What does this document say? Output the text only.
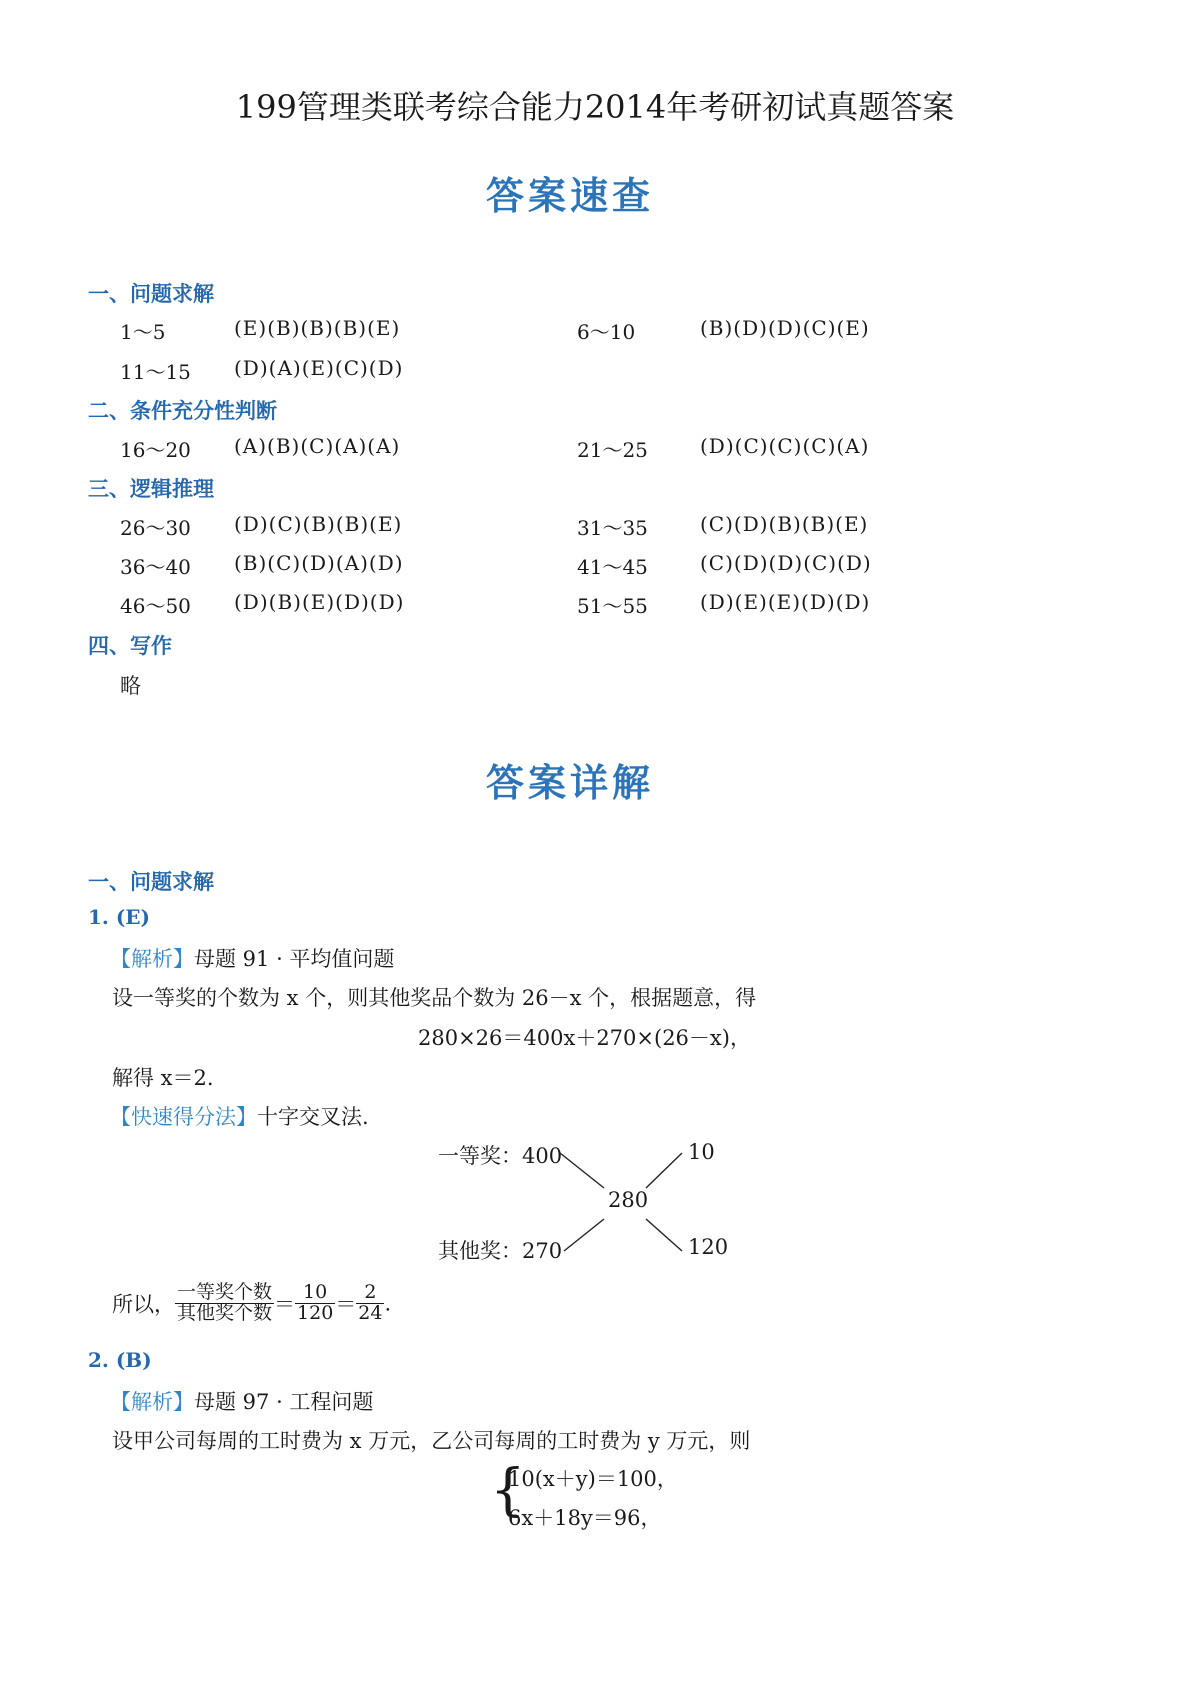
199管理类联考综合能力2014年考研初试真题答案
答案速查
一、问题求解
1～5	(E)(B)(B)(B)(E)	6～10	(B)(D)(D)(C)(E)
11～15 (D)(A)(E)(C)(D)
二、条件充分性判断
16～20 (A)(B)(C)(A)(A)	21～25	(D)(C)(C)(C)(A)
三、逻辑推理
26～30 (D)(C)(B)(B)(E)	31～35	(C)(D)(B)(B)(E)
36～40 (B)(C)(D)(A)(D)	41～45	(C)(D)(D)(C)(D)
46～50 (D)(B)(E)(D)(D)	51～55	(D)(E)(E)(D)(D)
四、写作
略
答案详解
一、问题求解
1. (E)
【解析】母题 91 · 平均值问题
设一等奖的个数为 x 个，则其他奖品个数为 26－x 个，根据题意，得
280×26＝400x＋270×(26－x)，
解得 x＝2.
【快速得分法】十字交叉法.
一等奖：400	10
280
其他奖：270	120
所以， $\frac{\text{一等奖个数}}{\text{其他奖个数}} = \frac{10}{120} = \frac{2}{24}$ .
2. (B)
【解析】母题 97 · 工程问题
设甲公司每周的工时费为 x 万元，乙公司每周的工时费为 y 万元，则
{
10(x＋y)＝100，
6x＋18y＝96，
